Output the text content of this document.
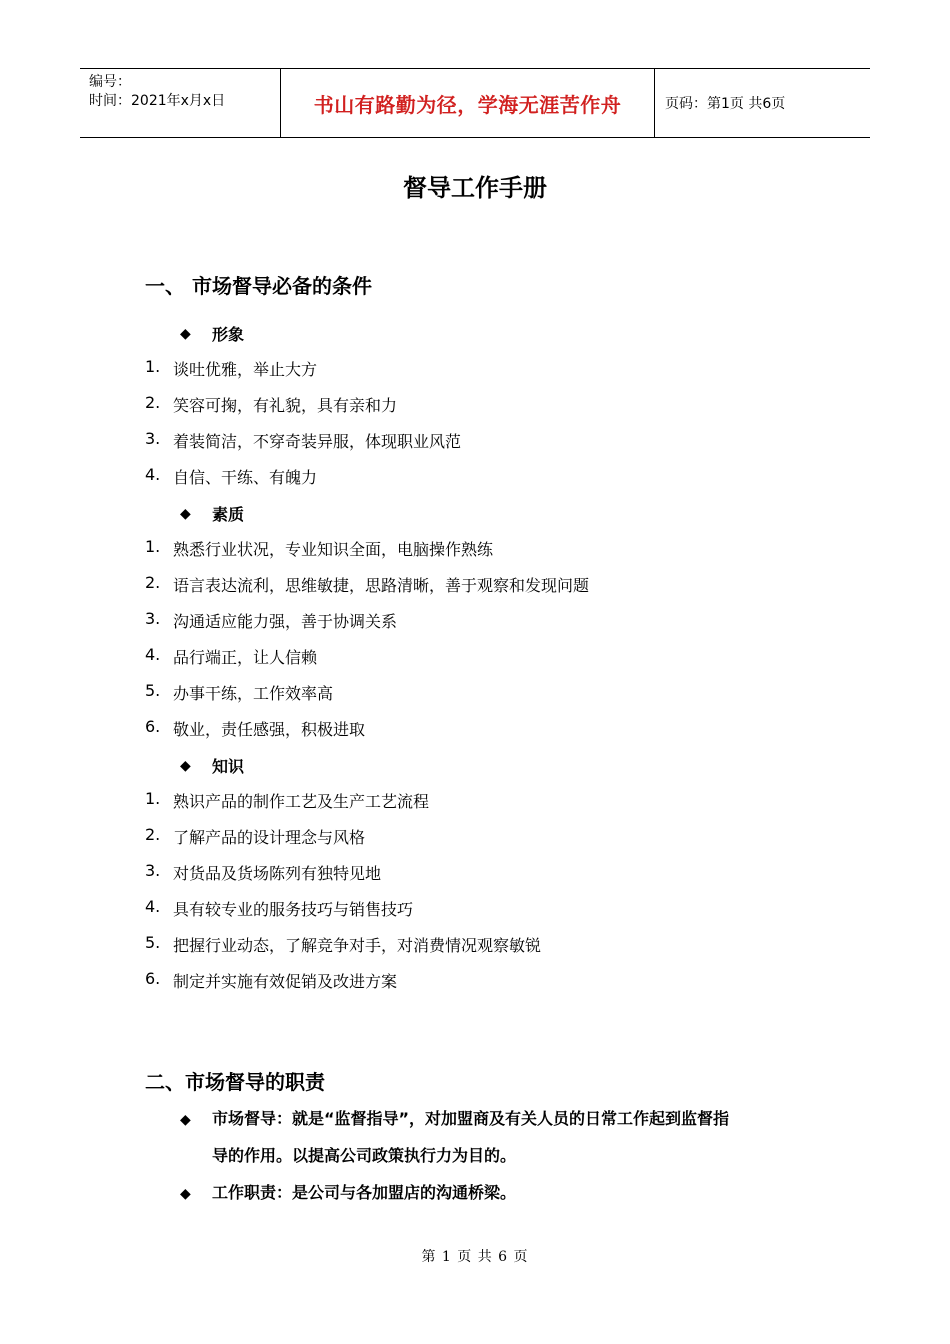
编号：
时间：2021年x月x日	书山有路勤为径，学海无涯苦作舟	页码：第1页 共6页
督导工作手册
一、 市场督导必备的条件
◆	形象
1. 谈吐优雅，举止大方
2. 笑容可掬，有礼貌，具有亲和力
3. 着装简洁，不穿奇装异服，体现职业风范
4. 自信、干练、有魄力
◆	素质
1. 熟悉行业状况，专业知识全面，电脑操作熟练
2. 语言表达流利，思维敏捷，思路清晰，善于观察和发现问题
3. 沟通适应能力强，善于协调关系
4. 品行端正，让人信赖
5. 办事干练，工作效率高
6. 敬业，责任感强，积极进取
◆	知识
1. 熟识产品的制作工艺及生产工艺流程
2. 了解产品的设计理念与风格
3. 对货品及货场陈列有独特见地
4. 具有较专业的服务技巧与销售技巧
5. 把握行业动态，了解竞争对手，对消费情况观察敏锐
6. 制定并实施有效促销及改进方案
二、市场督导的职责
◆ 市场督导：就是“监督指导”，对加盟商及有关人员的日常工作起到监督指
导的作用。以提高公司政策执行力为目的。
◆ 工作职责：是公司与各加盟店的沟通桥梁。
第 1 页 共 6 页
